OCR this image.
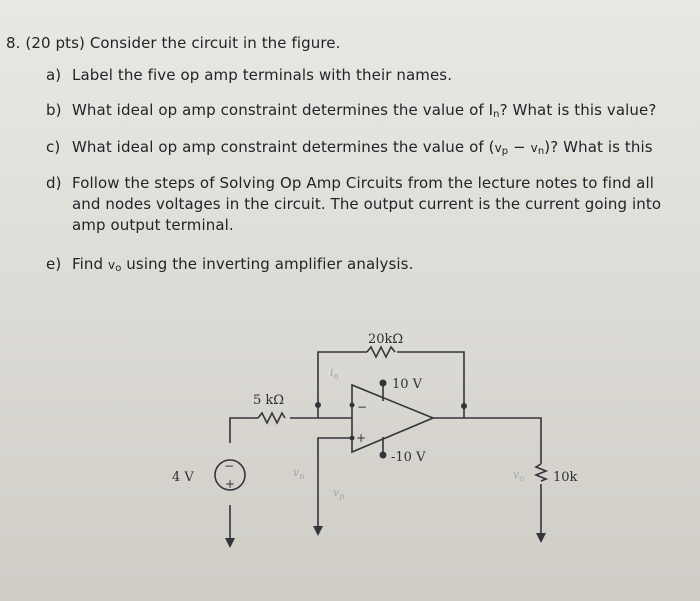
8. (20 pts) Consider the circuit in the figure.

a) Label the five op amp terminals with their names.

b) What ideal op amp constraint determines the value of $I_n$? What is this value?

c) What ideal op amp constraint determines the value of $(v_p - v_n)$? What is this

d) Follow the steps of Solving Op Amp Circuits from the lecture notes to find all

and nodes voltages in the circuit. The output current is the current going into

amp output terminal.

e) Find $v_o$ using the inverting amplifier analysis.

20kΩ
5 kΩ
10 V
-10 V
4 V	10k
−
+
−
+
$i_n$
$v_n$
$v_p$
$v_o$
